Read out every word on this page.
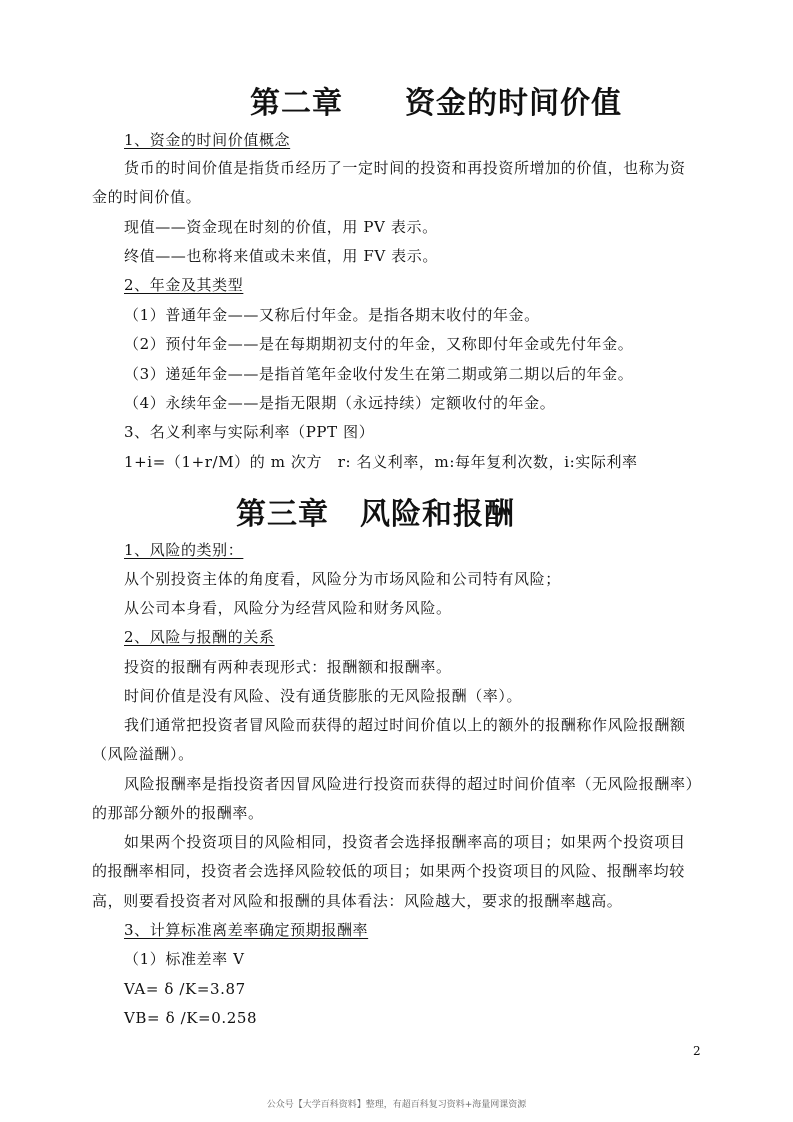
第二章　　资金的时间价值

1、资金的时间价值概念

货币的时间价值是指货币经历了一定时间的投资和再投资所增加的价值，也称为资

金的时间价值。

现值——资金现在时刻的价值，用 PV 表示。

终值——也称将来值或未来值，用 FV 表示。

2、年金及其类型

（1）普通年金——又称后付年金。是指各期末收付的年金。

（2）预付年金——是在每期期初支付的年金，又称即付年金或先付年金。

（3）递延年金——是指首笔年金收付发生在第二期或第二期以后的年金。

（4）永续年金——是指无限期（永远持续）定额收付的年金。

3、名义利率与实际利率（PPT 图）

1+i=（1+r/M）的 m 次方　r: 名义利率，m:每年复利次数，i:实际利率

第三章　风险和报酬

1、风险的类别：

从个别投资主体的角度看，风险分为市场风险和公司特有风险；

从公司本身看，风险分为经营风险和财务风险。

2、风险与报酬的关系

投资的报酬有两种表现形式：报酬额和报酬率。

时间价值是没有风险、没有通货膨胀的无风险报酬（率）。

我们通常把投资者冒风险而获得的超过时间价值以上的额外的报酬称作风险报酬额

（风险溢酬）。

风险报酬率是指投资者因冒风险进行投资而获得的超过时间价值率（无风险报酬率）

的那部分额外的报酬率。

如果两个投资项目的风险相同，投资者会选择报酬率高的项目；如果两个投资项目

的报酬率相同，投资者会选择风险较低的项目；如果两个投资项目的风险、报酬率均较

高，则要看投资者对风险和报酬的具体看法：风险越大，要求的报酬率越高。

3、计算标准离差率确定预期报酬率

（1）标准差率 V

VA= δ /K=3.87

VB= δ /K=0.258

2
公众号【大学百科资料】整理，有超百科复习资料+海量网课资源
